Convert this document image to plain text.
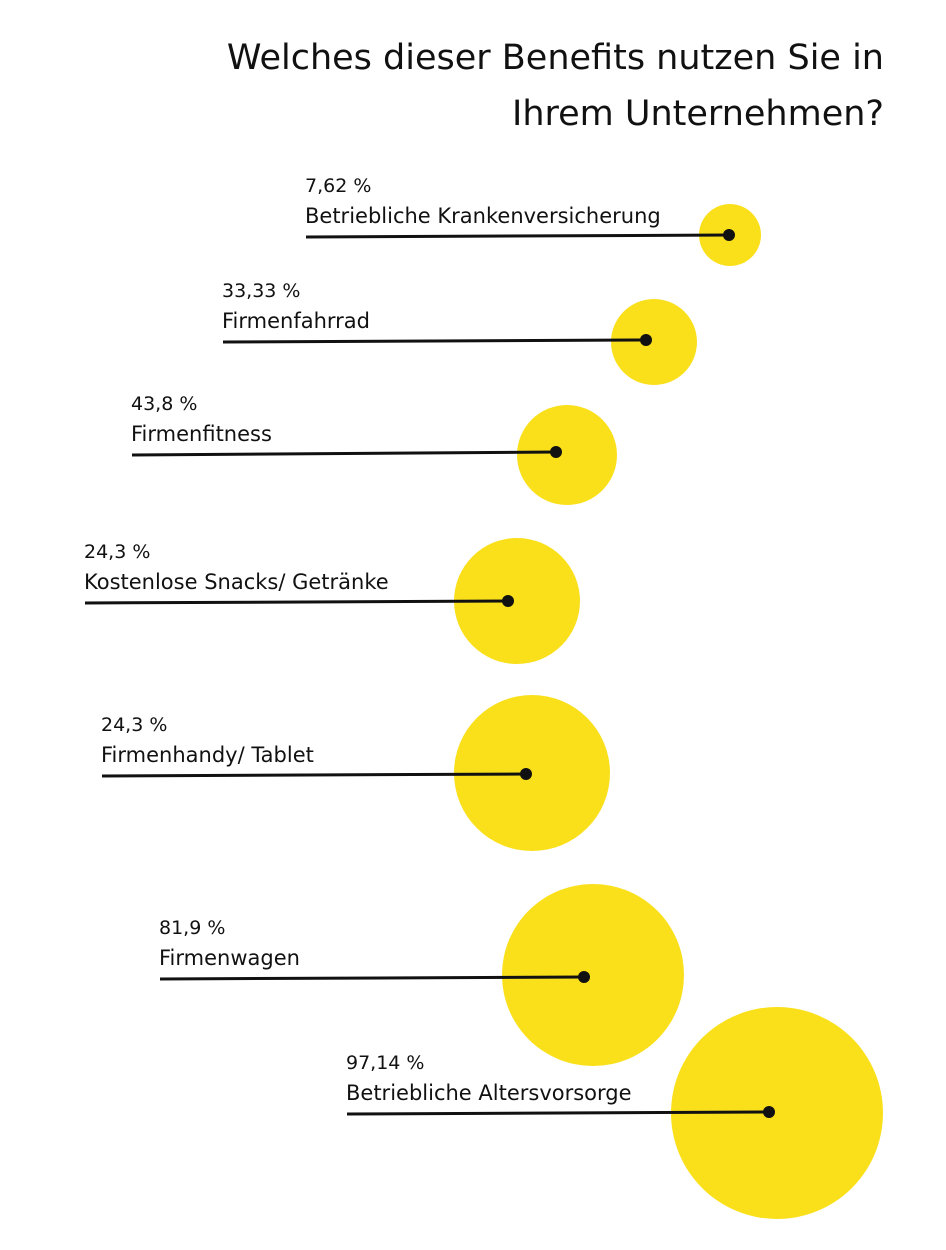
Welches dieser Benefits nutzen Sie in
Ihrem Unternehmen?
7,62 %
Betriebliche Krankenversicherung
33,33 %
Firmenfahrrad
43,8 %
Firmenfitness
24,3 %
Kostenlose Snacks/ Getränke
24,3 %
Firmenhandy/ Tablet
81,9 %
Firmenwagen
97,14 %
Betriebliche Altersvorsorge
